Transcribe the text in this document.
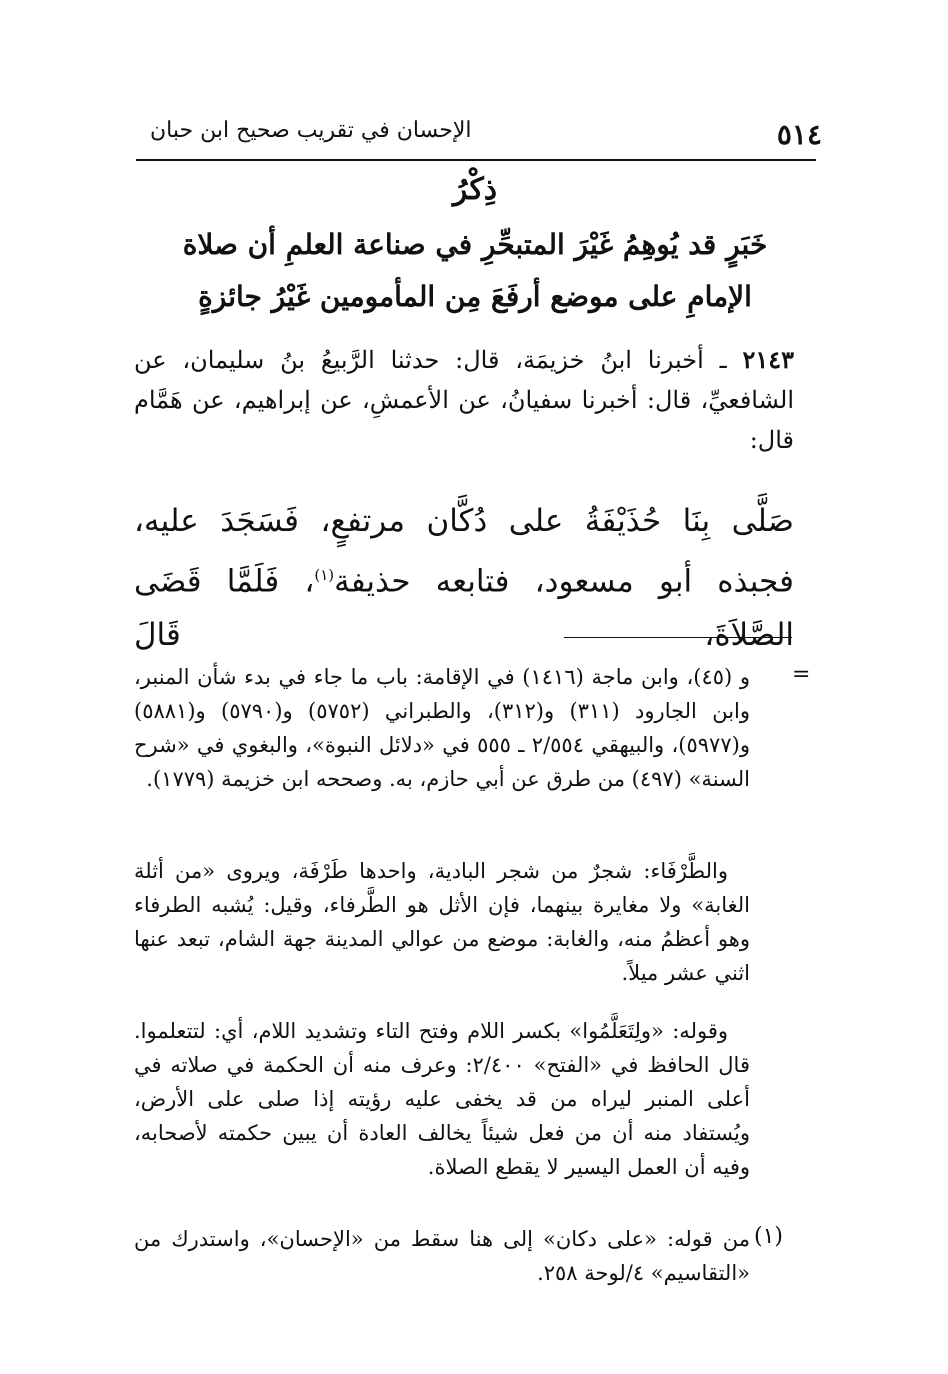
٥١٤
الإحسان في تقريب صحيح ابن حبان
ذِكْرُ
خَبَرٍ قد يُوهِمُ غَيْرَ المتبحِّرِ في صناعة العلمِ أن صلاة
الإمامِ على موضع أرفَعَ مِن المأمومين غَيْرُ جائزةٍ
٢١٤٣ ـ أخبرنا ابنُ خزيمَة، قال: حدثنا الرَّبيعُ بنُ سليمان، عن الشافعيِّ، قال: أخبرنا سفيانُ، عن الأعمشِ، عن إبراهيم، عن هَمَّام قال:
صَلَّى بِنَا حُذَيْفَةُ على دُكَّان مرتفعٍ، فَسَجَدَ عليه، فجبذه أبو مسعود، فتابعه حذيفة$^{(١)}$، فَلَمَّا قَضَى الصَّلاَةَ، قَالَ
=
و (٤٥)، وابن ماجة (١٤١٦) في الإقامة: باب ما جاء في بدء شأن المنبر، وابن الجارود (٣١١) و(٣١٢)، والطبراني (٥٧٥٢) و(٥٧٩٠) و(٥٨٨١) و(٥٩٧٧)، والبيهقي ٢/٥٥٤ ـ ٥٥٥ في «دلائل النبوة»، والبغوي في «شرح السنة» (٤٩٧) من طرق عن أبي حازم، به. وصححه ابن خزيمة (١٧٧٩).
والطَّرْفَاء: شجرٌ من شجر البادية، واحدها طَرْفَة، ويروى «من أثلة الغابة» ولا مغايرة بينهما، فإن الأثل هو الطَّرفاء، وقيل: يُشبه الطرفاء وهو أعظمُ منه، والغابة: موضع من عوالي المدينة جهة الشام، تبعد عنها اثني عشر ميلاً.
وقوله: «ولِتَعَلَّمُوا» بكسر اللام وفتح التاء وتشديد اللام، أي: لتتعلموا. قال الحافظ في «الفتح» ٢/٤٠٠: وعرف منه أن الحكمة في صلاته في أعلى المنبر ليراه من قد يخفى عليه رؤيته إذا صلى على الأرض، ويُستفاد منه أن من فعل شيئاً يخالف العادة أن يبين حكمته لأصحابه، وفيه أن العمل اليسير لا يقطع الصلاة.
(١)
من قوله: «على دكان» إلى هنا سقط من «الإحسان»، واستدرك من «التقاسيم» ٤/لوحة ٢٥٨.
